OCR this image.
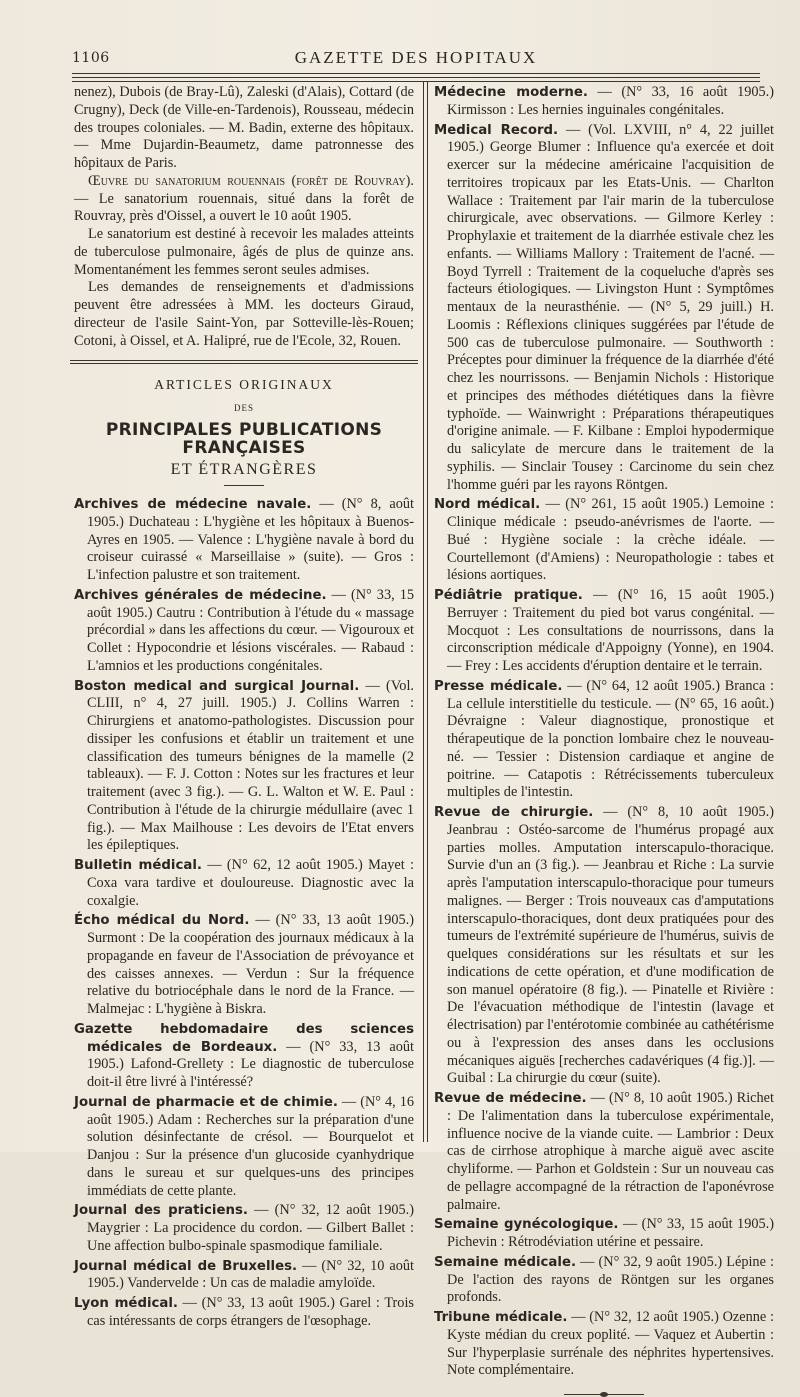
1106	GAZETTE DES HOPITAUX

nenez), Dubois (de Bray-Lû), Zaleski (d'Alais), Cottard (de Crugny), Deck (de Ville-en-Tardenois), Rousseau, médecin des troupes coloniales. — M. Badin, externe des hôpitaux. — Mme Dujardin-Beaumetz, dame patronnesse des hôpitaux de Paris.

Œuvre du sanatorium rouennais (forêt de Rouvray). — Le sanatorium rouennais, situé dans la forêt de Rouvray, près d'Oissel, a ouvert le 10 août 1905.

Le sanatorium est destiné à recevoir les malades atteints de tuberculose pulmonaire, âgés de plus de quinze ans. Momentanément les femmes seront seules admises.

Les demandes de renseignements et d'admissions peuvent être adressées à MM. les docteurs Giraud, directeur de l'asile Saint-Yon, par Sotteville-lès-Rouen; Cotoni, à Oissel, et A. Halipré, rue de l'Ecole, 32, Rouen.

ARTICLES ORIGINAUX
DES
PRINCIPALES PUBLICATIONS FRANÇAISES
ET ÉTRANGÈRES

Archives de médecine navale. — (N° 8, août 1905.) Duchateau : L'hygiène et les hôpitaux à Buenos-Ayres en 1905. — Valence : L'hygiène navale à bord du croiseur cuirassé « Marseillaise » (suite). — Gros : L'infection palustre et son traitement.

Archives générales de médecine. — (N° 33, 15 août 1905.) Cautru : Contribution à l'étude du « massage précordial » dans les affections du cœur. — Vigouroux et Collet : Hypocondrie et lésions viscérales. — Rabaud : L'amnios et les productions congénitales.

Boston medical and surgical Journal. — (Vol. CLIII, n° 4, 27 juill. 1905.) J. Collins Warren : Chirurgiens et anatomo-pathologistes. Discussion pour dissiper les confusions et établir un traitement et une classification des tumeurs bénignes de la mamelle (2 tableaux). — F. J. Cotton : Notes sur les fractures et leur traitement (avec 3 fig.). — G. L. Walton et W. E. Paul : Contribution à l'étude de la chirurgie médullaire (avec 1 fig.). — Max Mailhouse : Les devoirs de l'Etat envers les épileptiques.

Bulletin médical. — (N° 62, 12 août 1905.) Mayet : Coxa vara tardive et douloureuse. Diagnostic avec la coxalgie.

Écho médical du Nord. — (N° 33, 13 août 1905.) Surmont : De la coopération des journaux médicaux à la propagande en faveur de l'Association de prévoyance et des caisses annexes. — Verdun : Sur la fréquence relative du botriocéphale dans le nord de la France. — Malmejac : L'hygiène à Biskra.

Gazette hebdomadaire des sciences médicales de Bordeaux. — (N° 33, 13 août 1905.) Lafond-Grellety : Le diagnostic de tuberculose doit-il être livré à l'intéressé?

Journal de pharmacie et de chimie. — (N° 4, 16 août 1905.) Adam : Recherches sur la préparation d'une solution désinfectante de crésol. — Bourquelot et Danjou : Sur la présence d'un glucoside cyanhydrique dans le sureau et sur quelques-uns des principes immédiats de cette plante.

Journal des praticiens. — (N° 32, 12 août 1905.) Maygrier : La procidence du cordon. — Gilbert Ballet : Une affection bulbo-spinale spasmodique familiale.

Journal médical de Bruxelles. — (N° 32, 10 août 1905.) Vandervelde : Un cas de maladie amyloïde.

Lyon médical. — (N° 33, 13 août 1905.) Garel : Trois cas intéressants de corps étrangers de l'œsophage.

Médecine moderne. — (N° 33, 16 août 1905.) Kirmisson : Les hernies inguinales congénitales.

Medical Record. — (Vol. LXVIII, n° 4, 22 juillet 1905.) George Blumer : Influence qu'a exercée et doit exercer sur la médecine américaine l'acquisition de territoires tropicaux par les Etats-Unis. — Charlton Wallace : Traitement par l'air marin de la tuberculose chirurgicale, avec observations. — Gilmore Kerley : Prophylaxie et traitement de la diarrhée estivale chez les enfants. — Williams Mallory : Traitement de l'acné. — Boyd Tyrrell : Traitement de la coqueluche d'après ses facteurs étiologiques. — Livingston Hunt : Symptômes mentaux de la neurasthénie. — (N° 5, 29 juill.) H. Loomis : Réflexions cliniques suggérées par l'étude de 500 cas de tuberculose pulmonaire. — Southworth : Préceptes pour diminuer la fréquence de la diarrhée d'été chez les nourrissons. — Benjamin Nichols : Historique et principes des méthodes diététiques dans la fièvre typhoïde. — Wainwright : Préparations thérapeutiques d'origine animale. — F. Kilbane : Emploi hypodermique du salicylate de mercure dans le traitement de la syphilis. — Sinclair Tousey : Carcinome du sein chez l'homme guéri par les rayons Röntgen.

Nord médical. — (N° 261, 15 août 1905.) Lemoine : Clinique médicale : pseudo-anévrismes de l'aorte. — Bué : Hygiène sociale : la crèche idéale. — Courtellemont (d'Amiens) : Neuropathologie : tabes et lésions aortiques.

Pédiâtrie pratique. — (N° 16, 15 août 1905.) Berruyer : Traitement du pied bot varus congénital. — Mocquot : Les consultations de nourrissons, dans la circonscription médicale d'Appoigny (Yonne), en 1904. — Frey : Les accidents d'éruption dentaire et le terrain.

Presse médicale. — (N° 64, 12 août 1905.) Branca : La cellule interstitielle du testicule. — (N° 65, 16 août.) Dévraigne : Valeur diagnostique, pronostique et thérapeutique de la ponction lombaire chez le nouveau-né. — Tessier : Distension cardiaque et angine de poitrine. — Catapotis : Rétrécissements tuberculeux multiples de l'intestin.

Revue de chirurgie. — (N° 8, 10 août 1905.) Jeanbrau : Ostéo-sarcome de l'humérus propagé aux parties molles. Amputation interscapulo-thoracique. Survie d'un an (3 fig.). — Jeanbrau et Riche : La survie après l'amputation interscapulo-thoracique pour tumeurs malignes. — Berger : Trois nouveaux cas d'amputations interscapulo-thoraciques, dont deux pratiquées pour des tumeurs de l'extrémité supérieure de l'humérus, suivis de quelques considérations sur les résultats et sur les indications de cette opération, et d'une modification de son manuel opératoire (8 fig.). — Pinatelle et Rivière : De l'évacuation méthodique de l'intestin (lavage et électrisation) par l'entérotomie combinée au cathétérisme ou à l'expression des anses dans les occlusions mécaniques aiguës [recherches cadavériques (4 fig.)]. — Guibal : La chirurgie du cœur (suite).

Revue de médecine. — (N° 8, 10 août 1905.) Richet : De l'alimentation dans la tuberculose expérimentale, influence nocive de la viande cuite. — Lambrior : Deux cas de cirrhose atrophique à marche aiguë avec ascite chyliforme. — Parhon et Goldstein : Sur un nouveau cas de pellagre accompagné de la rétraction de l'aponévrose palmaire.

Semaine gynécologique. — (N° 33, 15 août 1905.) Pichevin : Rétrodéviation utérine et pessaire.

Semaine médicale. — (N° 32, 9 août 1905.) Lépine : De l'action des rayons de Röntgen sur les organes profonds.

Tribune médicale. — (N° 32, 12 août 1905.) Ozenne : Kyste médian du creux poplité. — Vaquez et Aubertin : Sur l'hyperplasie surrénale des néphrites hypertensives. Note complémentaire.
